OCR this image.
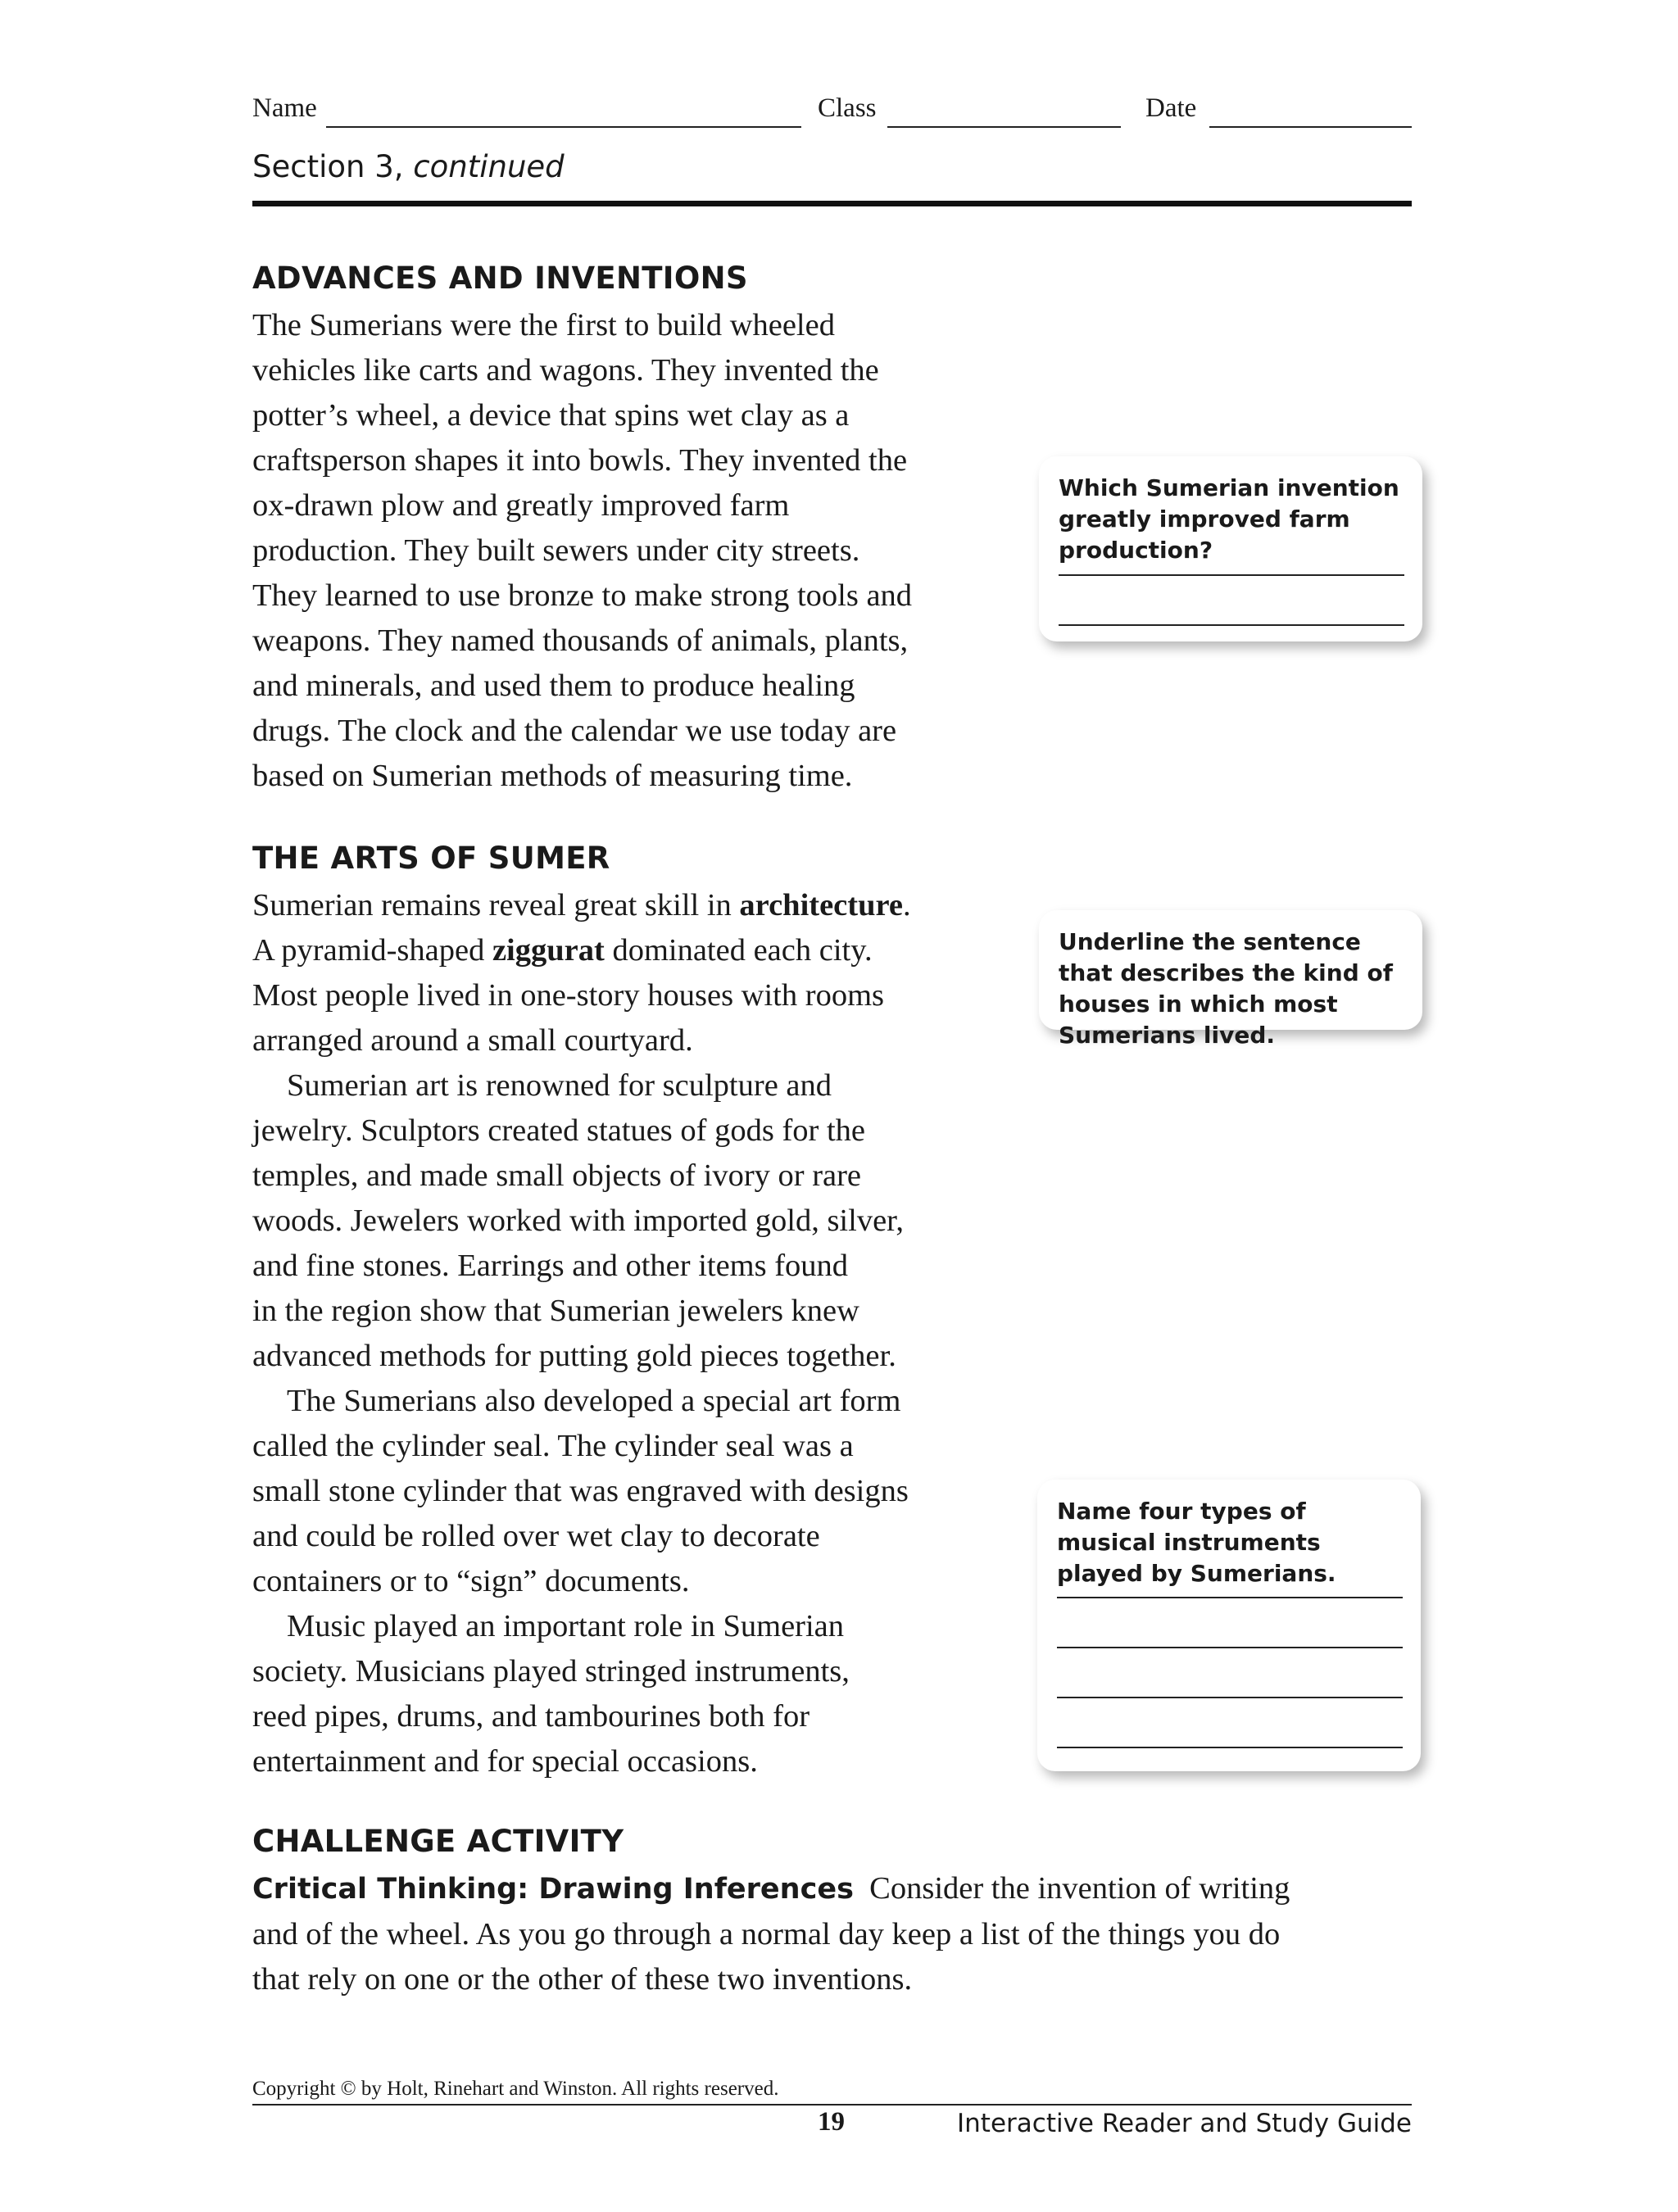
Name	Class	Date
Section 3, continued
ADVANCES AND INVENTIONS

The Sumerians were the first to build wheeled

vehicles like carts and wagons. They invented the

potter’s wheel, a device that spins wet clay as a

craftsperson shapes it into bowls. They invented the

ox-drawn plow and greatly improved farm

production. They built sewers under city streets.

They learned to use bronze to make strong tools and

weapons. They named thousands of animals, plants,

and minerals, and used them to produce healing

drugs. The clock and the calendar we use today are

based on Sumerian methods of measuring time.

THE ARTS OF SUMER

Sumerian remains reveal great skill in architecture.

A pyramid-shaped ziggurat dominated each city.

Most people lived in one-story houses with rooms

arranged around a small courtyard.

Sumerian art is renowned for sculpture and

jewelry. Sculptors created statues of gods for the

temples, and made small objects of ivory or rare

woods. Jewelers worked with imported gold, silver,

and fine stones. Earrings and other items found

in the region show that Sumerian jewelers knew

advanced methods for putting gold pieces together.

The Sumerians also developed a special art form

called the cylinder seal. The cylinder seal was a

small stone cylinder that was engraved with designs

and could be rolled over wet clay to decorate

containers or to “sign” documents.

Music played an important role in Sumerian

society. Musicians played stringed instruments,

reed pipes, drums, and tambourines both for

entertainment and for special occasions.

Which Sumerian invention greatly improved farm production?
Underline the sentence that describes the kind of houses in which most Sumerians lived.
Name four types of musical instruments played by Sumerians.
CHALLENGE ACTIVITY
Critical Thinking: Drawing Inferences Consider the invention of writing and of the wheel. As you go through a normal day keep a list of the things you do that rely on one or the other of these two inventions.
Copyright © by Holt, Rinehart and Winston. All rights reserved.
19	Interactive Reader and Study Guide
